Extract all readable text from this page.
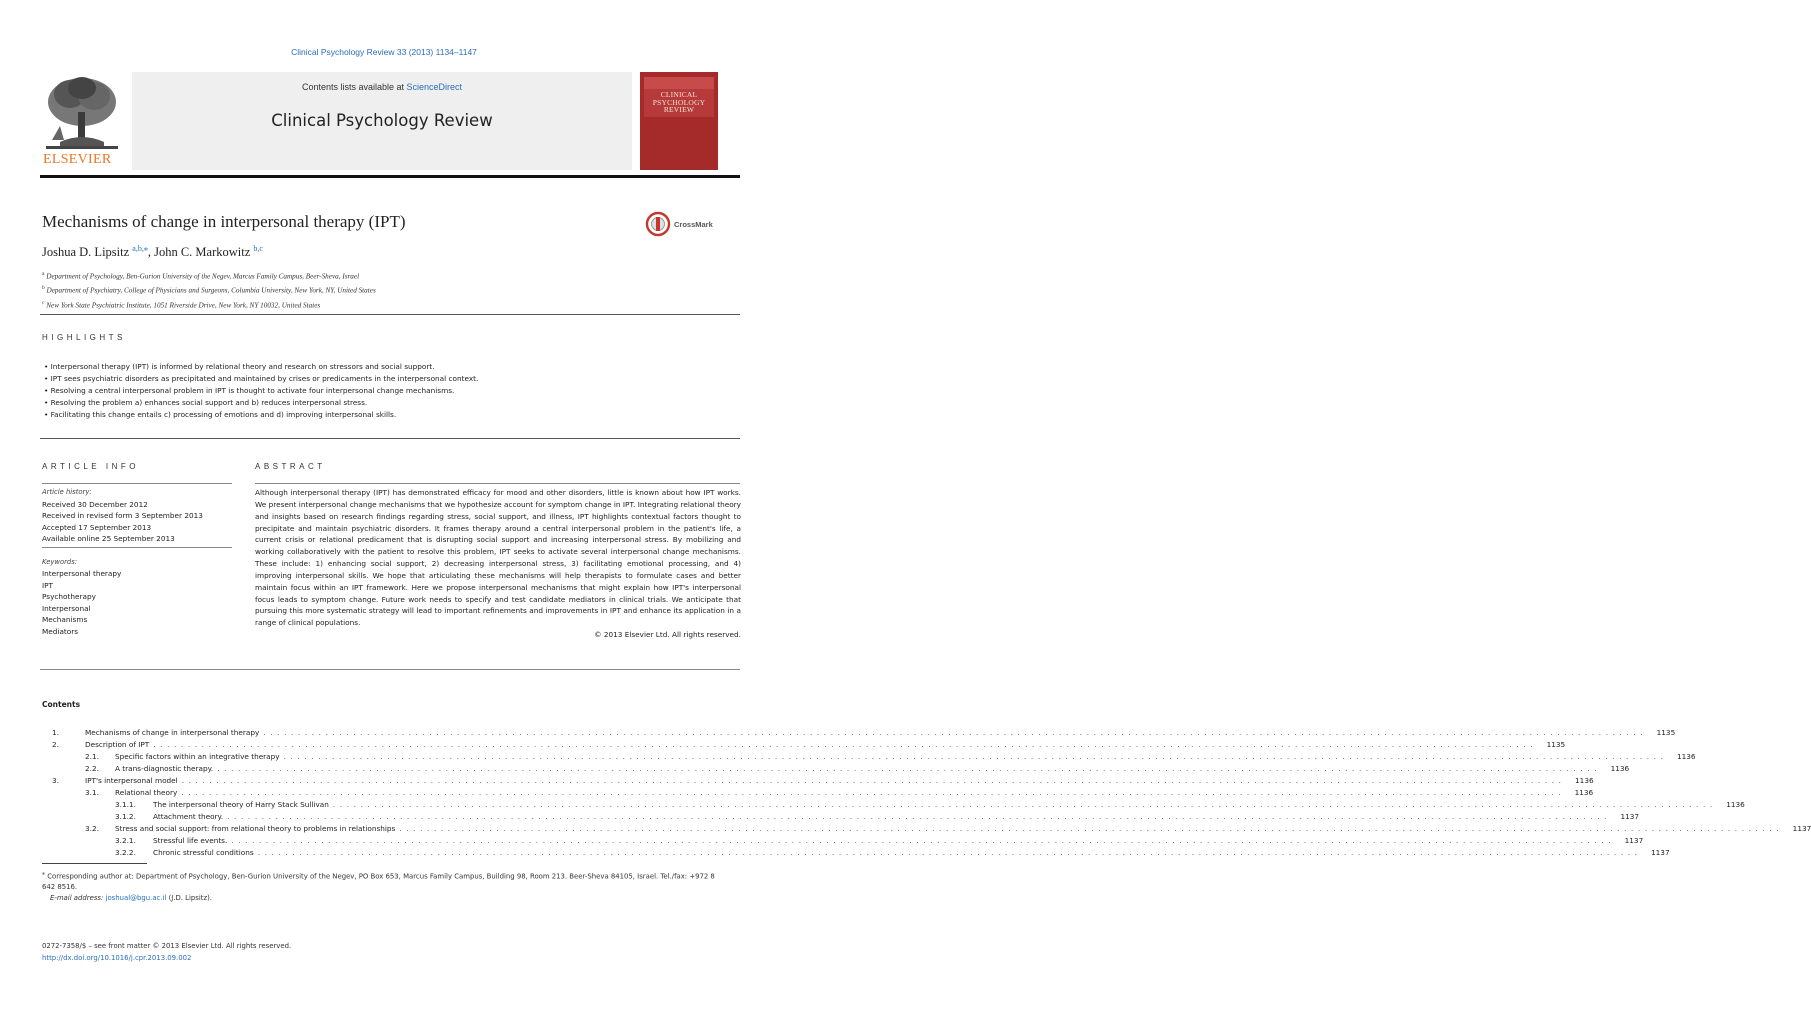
Clinical Psychology Review 33 (2013) 1134–1147
ELSEVIER
Contents lists available at ScienceDirect
Clinical Psychology Review
CLINICAL
PSYCHOLOGY
REVIEW
Mechanisms of change in interpersonal therapy (IPT)	CrossMark
Joshua D. Lipsitz $^{a,b,⁎}$, John C. Markowitz $^{b,c}$
$^a$ Department of Psychology, Ben-Gurion University of the Negev, Marcus Family Campus, Beer-Sheva, Israel
$^b$ Department of Psychiatry, College of Physicians and Surgeons, Columbia University, New York, NY, United States
$^c$ New York State Psychiatric Institute, 1051 Riverside Drive, New York, NY 10032, United States
HIGHLIGHTS
• Interpersonal therapy (IPT) is informed by relational theory and research on stressors and social support.
• IPT sees psychiatric disorders as precipitated and maintained by crises or predicaments in the interpersonal context.
• Resolving a central interpersonal problem in IPT is thought to activate four interpersonal change mechanisms.
• Resolving the problem a) enhances social support and b) reduces interpersonal stress.
• Facilitating this change entails c) processing of emotions and d) improving interpersonal skills.
ARTICLE INFO	ABSTRACT
Article history:
Received 30 December 2012
Received in revised form 3 September 2013
Accepted 17 September 2013
Available online 25 September 2013
Keywords:
Interpersonal therapy
IPT
Psychotherapy
Interpersonal
Mechanisms
Mediators
Although interpersonal therapy (IPT) has demonstrated efficacy for mood and other disorders, little is known about how IPT works. We present interpersonal change mechanisms that we hypothesize account for symptom change in IPT. Integrating relational theory and insights based on research findings regarding stress, social support, and illness, IPT highlights contextual factors thought to precipitate and maintain psychiatric disorders. It frames therapy around a central interpersonal problem in the patient's life, a current crisis or relational predicament that is disrupting social support and increasing interpersonal stress. By mobilizing and working collaboratively with the patient to resolve this problem, IPT seeks to activate several interpersonal change mechanisms. These include: 1) enhancing social support, 2) decreasing interpersonal stress, 3) facilitating emotional processing, and 4) improving interpersonal skills. We hope that articulating these mechanisms will help therapists to formulate cases and better maintain focus within an IPT framework. Here we propose interpersonal mechanisms that might explain how IPT's interpersonal focus leads to symptom change. Future work needs to specify and test candidate mediators in clinical trials. We anticipate that pursuing this more systematic strategy will lead to important refinements and improvements in IPT and enhance its application in a range of clinical populations.
© 2013 Elsevier Ltd. All rights reserved.
Contents
1.	Mechanisms of change in interpersonal therapy ........................................................................................................................................................................................................	1135
2.	Description of IPT ........................................................................................................................................................................................................	1135
2.1.	Specific factors within an integrative therapy ........................................................................................................................................................................................................	1136
2.2.	A trans-diagnostic therapy. ........................................................................................................................................................................................................	1136
3.	IPT's interpersonal model ........................................................................................................................................................................................................	1136
3.1.	Relational theory ........................................................................................................................................................................................................	1136
3.1.1.	The interpersonal theory of Harry Stack Sullivan ........................................................................................................................................................................................................	1136
3.1.2.	Attachment theory. ........................................................................................................................................................................................................	1137
3.2.	Stress and social support: from relational theory to problems in relationships ........................................................................................................................................................................................................	1137
3.2.1.	Stressful life events. ........................................................................................................................................................................................................	1137
3.2.2.	Chronic stressful conditions ........................................................................................................................................................................................................	1137
⁎ Corresponding author at: Department of Psychology, Ben-Gurion University of the Negev, PO Box 653, Marcus Family Campus, Building 98, Room 213. Beer-Sheva 84105, Israel. Tel./fax: +972 8 642 8516.
E-mail address: joshual@bgu.ac.il (J.D. Lipsitz).
0272-7358/$ – see front matter © 2013 Elsevier Ltd. All rights reserved.
http://dx.doi.org/10.1016/j.cpr.2013.09.002
